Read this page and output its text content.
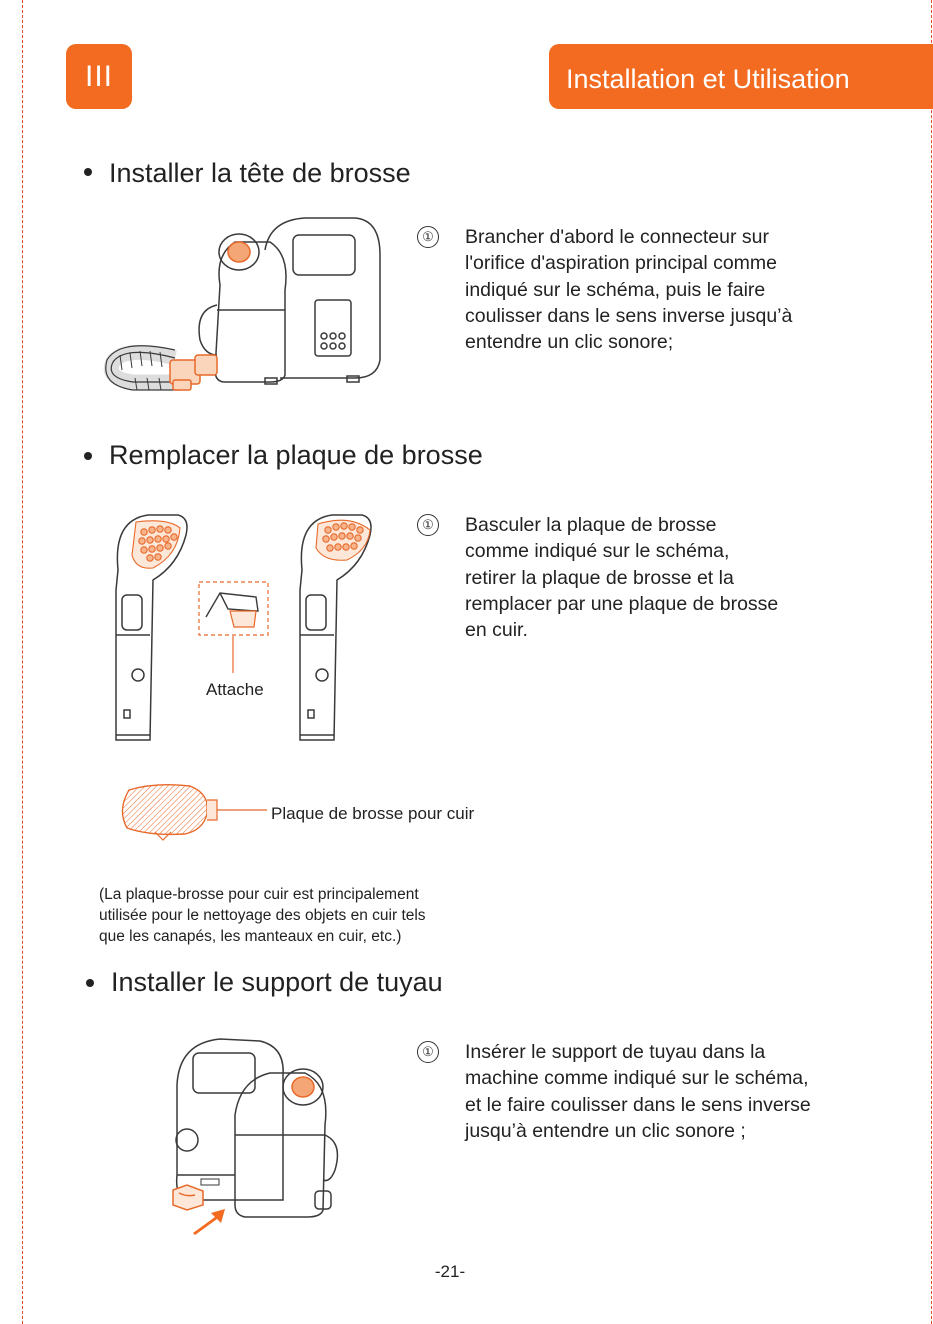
III	Installation et Utilisation
Installer la tête de brosse
① Brancher d'abord le connecteur sur
l'orifice d'aspiration principal comme
indiqué sur le schéma, puis le faire
coulisser dans le sens inverse jusqu’à
entendre un clic sonore;
Remplacer la plaque de brosse
Attache
① Basculer la plaque de brosse
comme indiqué sur le schéma,
retirer la plaque de brosse et la
remplacer par une plaque de brosse
en cuir.
Plaque de brosse pour cuir
(La plaque-brosse pour cuir est principalement
utilisée pour le nettoyage des objets en cuir tels
que les canapés, les manteaux en cuir, etc.)
Installer le support de tuyau
① Insérer le support de tuyau dans la
machine comme indiqué sur le schéma,
et le faire coulisser dans le sens inverse
jusqu’à entendre un clic sonore ;
-21-
